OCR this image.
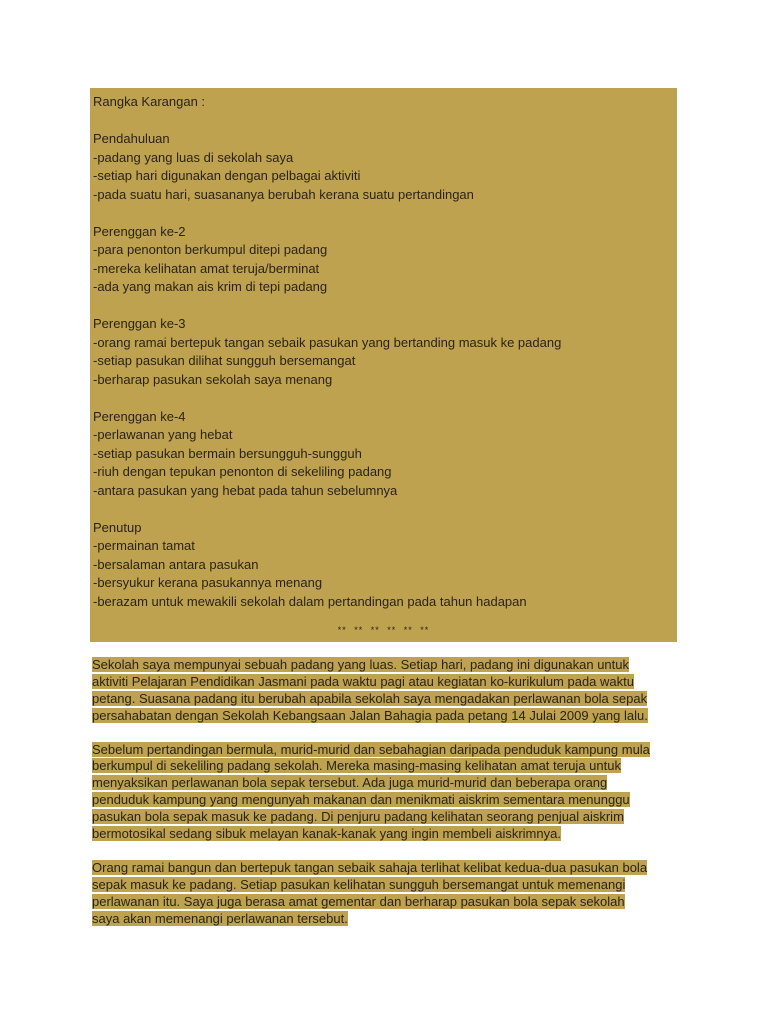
Rangka Karangan :
Pendahuluan
-padang yang luas di sekolah saya
-setiap hari digunakan dengan pelbagai aktiviti
-pada suatu hari, suasananya berubah kerana suatu pertandingan
Perenggan ke-2
-para penonton berkumpul ditepi padang
-mereka kelihatan amat teruja/berminat
-ada yang makan ais krim di tepi padang
Perenggan ke-3
-orang ramai bertepuk tangan sebaik pasukan yang bertanding masuk ke padang
-setiap pasukan dilihat sungguh bersemangat
-berharap pasukan sekolah saya menang
Perenggan ke-4
-perlawanan yang hebat
-setiap pasukan bermain bersungguh-sungguh
-riuh dengan tepukan penonton di sekeliling padang
-antara pasukan yang hebat pada tahun sebelumnya
Penutup
-permainan tamat
-bersalaman antara pasukan
-bersyukur kerana pasukannya menang
-berazam untuk mewakili sekolah dalam pertandingan pada tahun hadapan
** ** ** ** ** **
Sekolah saya mempunyai sebuah padang yang luas. Setiap hari, padang ini digunakan untuk
aktiviti Pelajaran Pendidikan Jasmani pada waktu pagi atau kegiatan ko-kurikulum pada waktu
petang. Suasana padang itu berubah apabila sekolah saya mengadakan perlawanan bola sepak
persahabatan dengan Sekolah Kebangsaan Jalan Bahagia pada petang 14 Julai 2009 yang lalu.
Sebelum pertandingan bermula, murid-murid dan sebahagian daripada penduduk kampung mula
berkumpul di sekeliling padang sekolah. Mereka masing-masing kelihatan amat teruja untuk
menyaksikan perlawanan bola sepak tersebut. Ada juga murid-murid dan beberapa orang
penduduk kampung yang mengunyah makanan dan menikmati aiskrim sementara menunggu
pasukan bola sepak masuk ke padang. Di penjuru padang kelihatan seorang penjual aiskrim
bermotosikal sedang sibuk melayan kanak-kanak yang ingin membeli aiskrimnya.
Orang ramai bangun dan bertepuk tangan sebaik sahaja terlihat kelibat kedua-dua pasukan bola
sepak masuk ke padang. Setiap pasukan kelihatan sungguh bersemangat untuk memenangi
perlawanan itu. Saya juga berasa amat gementar dan berharap pasukan bola sepak sekolah
saya akan memenangi perlawanan tersebut.
